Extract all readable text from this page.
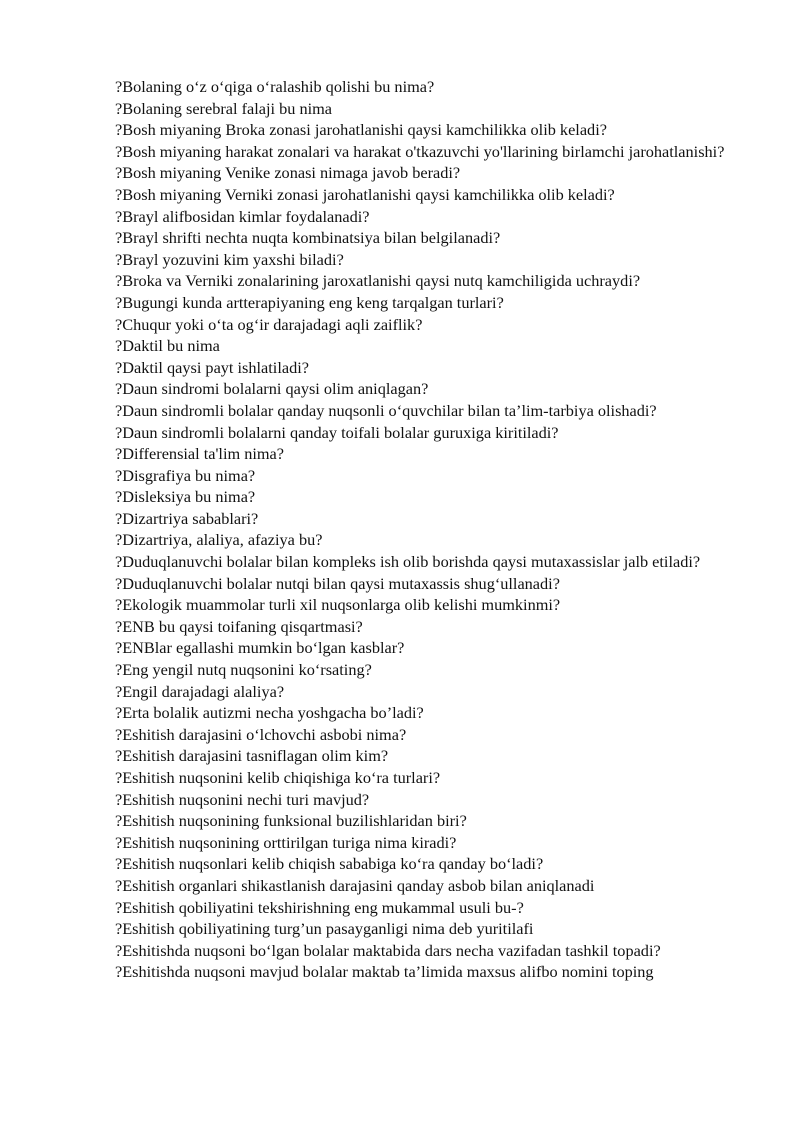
?Bolaning o‘z o‘qiga o‘ralashib qolishi bu nima?

?Bolaning serebral falaji bu nima

?Bosh miyaning Broka zonasi jarohatlanishi qaysi kamchilikka olib keladi?

?Bosh miyaning harakat zonalari va harakat o'tkazuvchi yo'llarining birlamchi jarohatlanishi?

?Bosh miyaning Venike zonasi nimaga javob beradi?

?Bosh miyaning Verniki zonasi jarohatlanishi qaysi kamchilikka olib keladi?

?Brayl alifbosidan kimlar foydalanadi?

?Brayl shrifti nechta nuqta kombinatsiya bilan belgilanadi?

?Brayl yozuvini kim yaxshi biladi?

?Broka va Verniki zonalarining jaroxatlanishi qaysi nutq kamchiligida uchraydi?

?Bugungi kunda artterapiyaning eng keng tarqalgan turlari?

?Chuqur yoki o‘ta og‘ir darajadagi aqli zaiflik?

?Daktil bu nima

?Daktil qaysi payt ishlatiladi?

?Daun sindromi bolalarni qaysi olim aniqlagan?

?Daun sindromli bolalar qanday nuqsonli o‘quvchilar bilan ta’lim-tarbiya olishadi?

?Daun sindromli bolalarni qanday toifali bolalar guruxiga kiritiladi?

?Differensial ta'lim nima?

?Disgrafiya bu nima?

?Disleksiya bu nima?

?Dizartriya sabablari?

?Dizartriya, alaliya, afaziya bu?

?Duduqlanuvchi bolalar bilan kompleks ish olib borishda qaysi mutaxassislar jalb etiladi?

?Duduqlanuvchi bolalar nutqi bilan qaysi mutaxassis shug‘ullanadi?

?Ekologik muammolar turli xil nuqsonlarga olib kelishi mumkinmi?

?ENB bu qaysi toifaning qisqartmasi?

?ENBlar egallashi mumkin bo‘lgan kasblar?

?Eng yengil nutq nuqsonini ko‘rsating?

?Engil darajadagi alaliya?

?Erta bolalik autizmi necha yoshgacha bo’ladi?

?Eshitish darajasini o‘lchovchi asbobi nima?

?Eshitish darajasini tasniflagan olim kim?

?Eshitish nuqsonini kelib chiqishiga ko‘ra turlari?

?Eshitish nuqsonini nechi turi mavjud?

?Eshitish nuqsonining funksional buzilishlaridan biri?

?Eshitish nuqsonining orttirilgan turiga nima kiradi?

?Eshitish nuqsonlari kelib chiqish sababiga ko‘ra qanday bo‘ladi?

?Eshitish organlari shikastlanish darajasini qanday asbob bilan aniqlanadi

?Eshitish qobiliyatini tekshirishning eng mukammal usuli bu-?

?Eshitish qobiliyatining turg’un pasayganligi nima deb yuritilafi

?Eshitishda nuqsoni bo‘lgan bolalar maktabida dars necha vazifadan tashkil topadi?

?Eshitishda nuqsoni mavjud bolalar maktab ta’limida maxsus alifbo nomini toping
